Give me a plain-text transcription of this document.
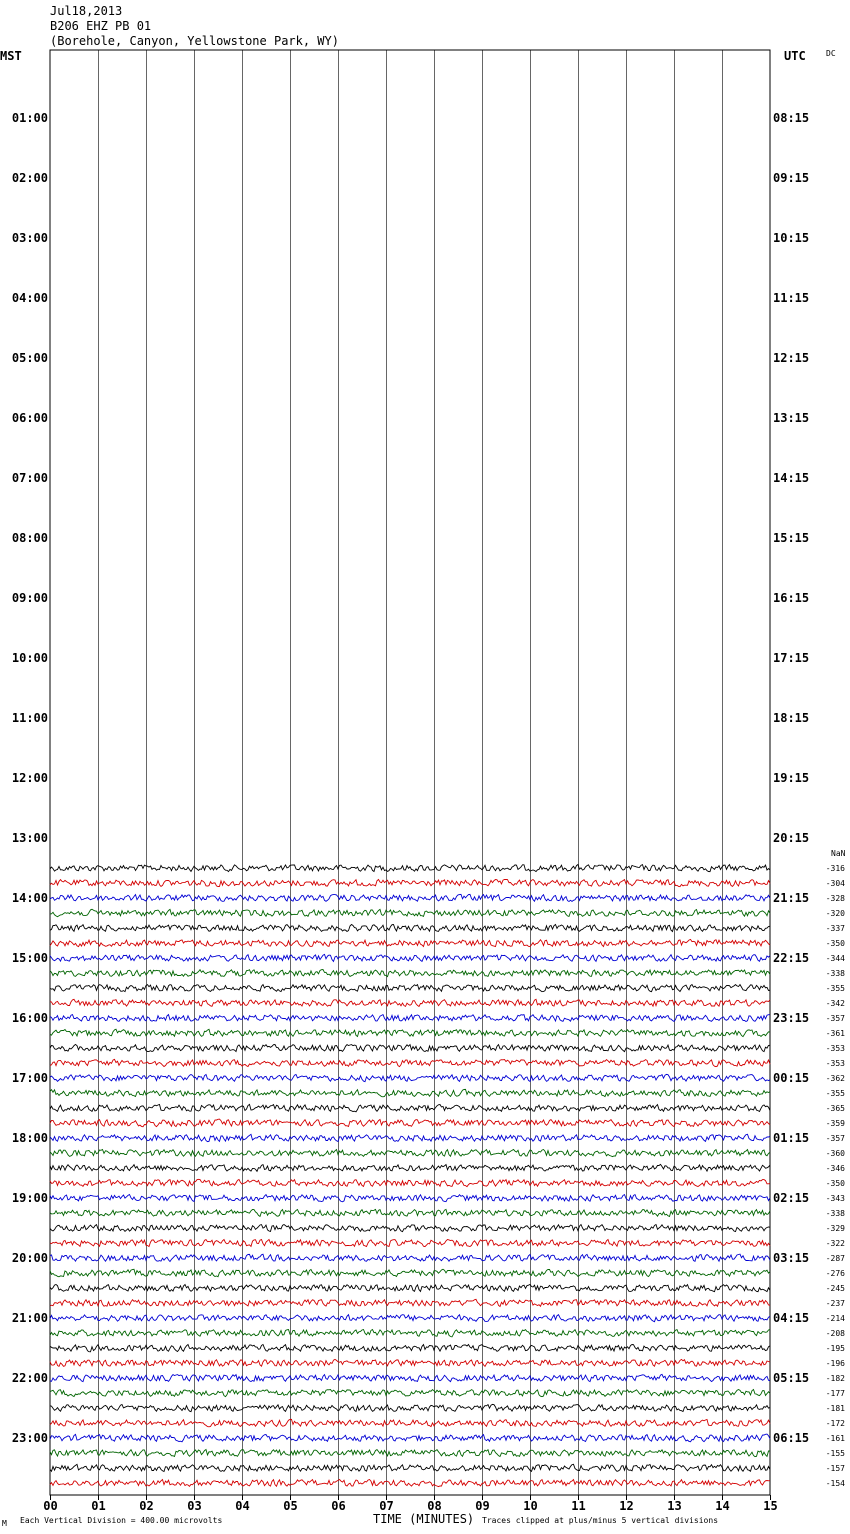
Jul18,2013
B206 EHZ PB 01
(Borehole, Canyon, Yellowstone Park, WY)
MST	UTC	DC
NaN
00	01	02	03	04	05	06	07	08	09	10	11	12	13	14	15
01:00	08:15
02:00	09:15
03:00	10:15
04:00	11:15
05:00	12:15
06:00	13:15
07:00	14:15
08:00	15:15
09:00	16:15
10:00	17:15
11:00	18:15
12:00	19:15
13:00	20:15
14:00	21:15
15:00	22:15
16:00	23:15
17:00	00:15
18:00	01:15
19:00	02:15
20:00	03:15
21:00	04:15
22:00	05:15
23:00	06:15
-316
-304
-328
-320
-337
-350
-344
-338
-355
-342
-357
-361
-353
-353
-362
-355
-365
-359
-357
-360
-346
-350
-343
-338
-329
-322
-287
-276
-245
-237
-214
-208
-195
-196
-182
-177
-181
-172
-161
-155
-157
-154
M Each Vertical Division = 400.00 microvolts	TIME (MINUTES) Traces clipped at plus/minus 5 vertical divisions
